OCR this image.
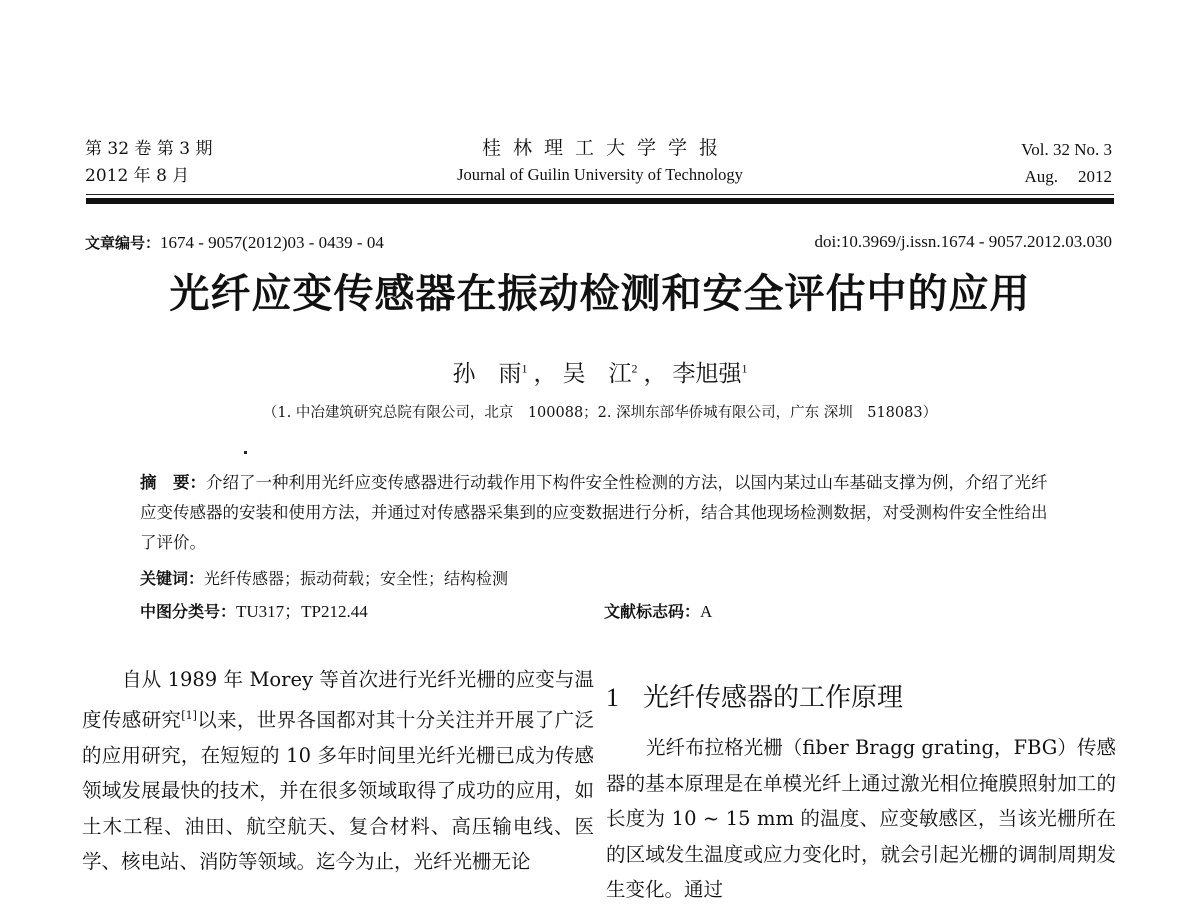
第 32 卷 第 3 期
2012 年 8 月
桂林理工大学学报
Journal of Guilin University of Technology
Vol. 32 No. 3
Aug. 2012
文章编号：1674 - 9057(2012)03 - 0439 - 04	doi:10.3969/j.issn.1674 - 9057.2012.03.030
光纤应变传感器在振动检测和安全评估中的应用
孙　雨$^1$ ， 吴　江$^2$ ， 李旭强$^1$
（1. 中冶建筑研究总院有限公司，北京　100088；2. 深圳东部华侨城有限公司，广东 深圳　518083）
摘　要：介绍了一种利用光纤应变传感器进行动载作用下构件安全性检测的方法，以国内某过山车基础支撑为例，介绍了光纤应变传感器的安装和使用方法，并通过对传感器采集到的应变数据进行分析，结合其他现场检测数据，对受测构件安全性给出了评价。
关键词：光纤传感器；振动荷载；安全性；结构检测
中图分类号：TU317；TP212.44	文献标志码：A

自从 1989 年 Morey 等首次进行光纤光栅的应变与温度传感研究[1]以来，世界各国都对其十分关注并开展了广泛的应用研究，在短短的 10 多年时间里光纤光栅已成为传感领域发展最快的技术，并在很多领域取得了成功的应用，如土木工程、油田、航空航天、复合材料、高压输电线、医学、核电站、消防等领域。迄今为止，光纤光栅无论

1 光纤传感器的工作原理

光纤布拉格光栅（fiber Bragg grating，FBG）传感器的基本原理是在单模光纤上通过激光相位掩膜照射加工的长度为 10 ~ 15 mm 的温度、应变敏感区，当该光栅所在的区域发生温度或应力变化时，就会引起光栅的调制周期发生变化。通过
